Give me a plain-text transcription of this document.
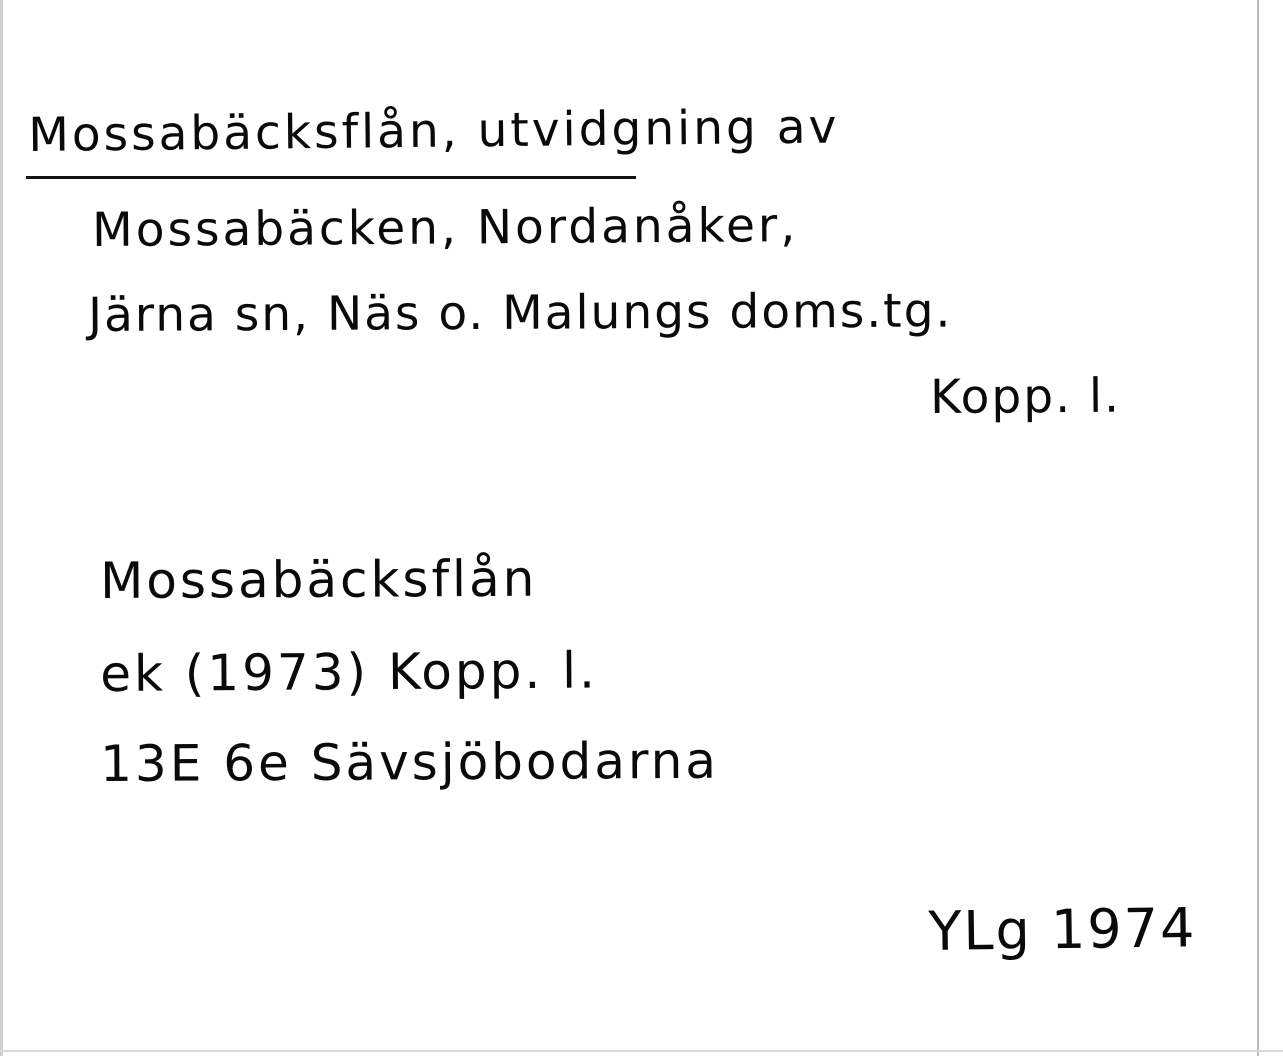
Mossabäcksflån, utvidgning av
Mossabäcken, Nordanåker,
Järna sn, Näs o. Malungs doms.tg.
Kopp. l.
Mossabäcksflån
ek (1973) Kopp. l.
13E 6e Sävsjöbodarna
YLg 1974
